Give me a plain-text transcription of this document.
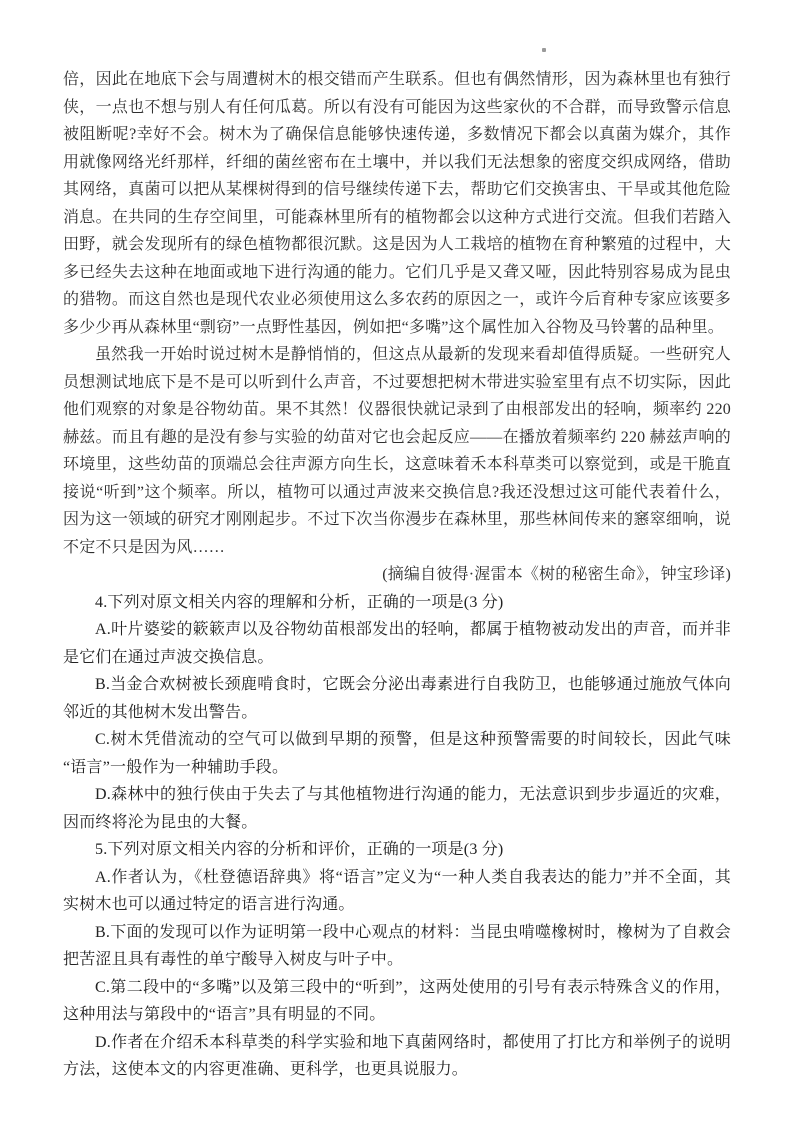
倍，因此在地底下会与周遭树木的根交错而产生联系。但也有偶然情形，因为森林里也有独行侠，一点也不想与别人有任何瓜葛。所以有没有可能因为这些家伙的不合群，而导致警示信息被阻断呢?幸好不会。树木为了确保信息能够快速传递，多数情况下都会以真菌为媒介，其作用就像网络光纤那样，纤细的菌丝密布在土壤中，并以我们无法想象的密度交织成网络，借助其网络，真菌可以把从某棵树得到的信号继续传递下去，帮助它们交换害虫、干旱或其他危险消息。在共同的生存空间里，可能森林里所有的植物都会以这种方式进行交流。但我们若踏入田野，就会发现所有的绿色植物都很沉默。这是因为人工栽培的植物在育种繁殖的过程中，大多已经失去这种在地面或地下进行沟通的能力。它们几乎是又聋又哑，因此特别容易成为昆虫的猎物。而这自然也是现代农业必须使用这么多农药的原因之一，或许今后育种专家应该要多多少少再从森林里“剽窃”一点野性基因，例如把“多嘴”这个属性加入谷物及马铃薯的品种里。

虽然我一开始时说过树木是静悄悄的，但这点从最新的发现来看却值得质疑。一些研究人员想测试地底下是不是可以听到什么声音，不过要想把树木带进实验室里有点不切实际，因此他们观察的对象是谷物幼苗。果不其然！仪器很快就记录到了由根部发出的轻响，频率约 220 赫兹。而且有趣的是没有参与实验的幼苗对它也会起反应——在播放着频率约 220 赫兹声响的环境里，这些幼苗的顶端总会往声源方向生长，这意味着禾本科草类可以察觉到，或是干脆直接说“听到”这个频率。所以，植物可以通过声波来交换信息?我还没想过这可能代表着什么，因为这一领域的研究才刚刚起步。不过下次当你漫步在森林里，那些林间传来的窸窣细响，说不定不只是因为风……

(摘编自彼得·渥雷本《树的秘密生命》，钟宝珍译)

4.下列对原文相关内容的理解和分析，正确的一项是(3 分)

A.叶片婆娑的簌簌声以及谷物幼苗根部发出的轻响，都属于植物被动发出的声音，而并非是它们在通过声波交换信息。

B.当金合欢树被长颈鹿啃食时，它既会分泌出毒素进行自我防卫，也能够通过施放气体向邻近的其他树木发出警告。

C.树木凭借流动的空气可以做到早期的预警，但是这种预警需要的时间较长，因此气味“语言”一般作为一种辅助手段。

D.森林中的独行侠由于失去了与其他植物进行沟通的能力，无法意识到步步逼近的灾难，因而终将沦为昆虫的大餐。

5.下列对原文相关内容的分析和评价，正确的一项是(3 分)

A.作者认为，《杜登德语辞典》将“语言”定义为“一种人类自我表达的能力”并不全面，其实树木也可以通过特定的语言进行沟通。

B.下面的发现可以作为证明第一段中心观点的材料：当昆虫啃噬橡树时，橡树为了自救会把苦涩且具有毒性的单宁酸导入树皮与叶子中。

C.第二段中的“多嘴”以及第三段中的“听到”，这两处使用的引号有表示特殊含义的作用，这种用法与第段中的“语言”具有明显的不同。

D.作者在介绍禾本科草类的科学实验和地下真菌网络时，都使用了打比方和举例子的说明方法，这使本文的内容更准确、更科学，也更具说服力。
